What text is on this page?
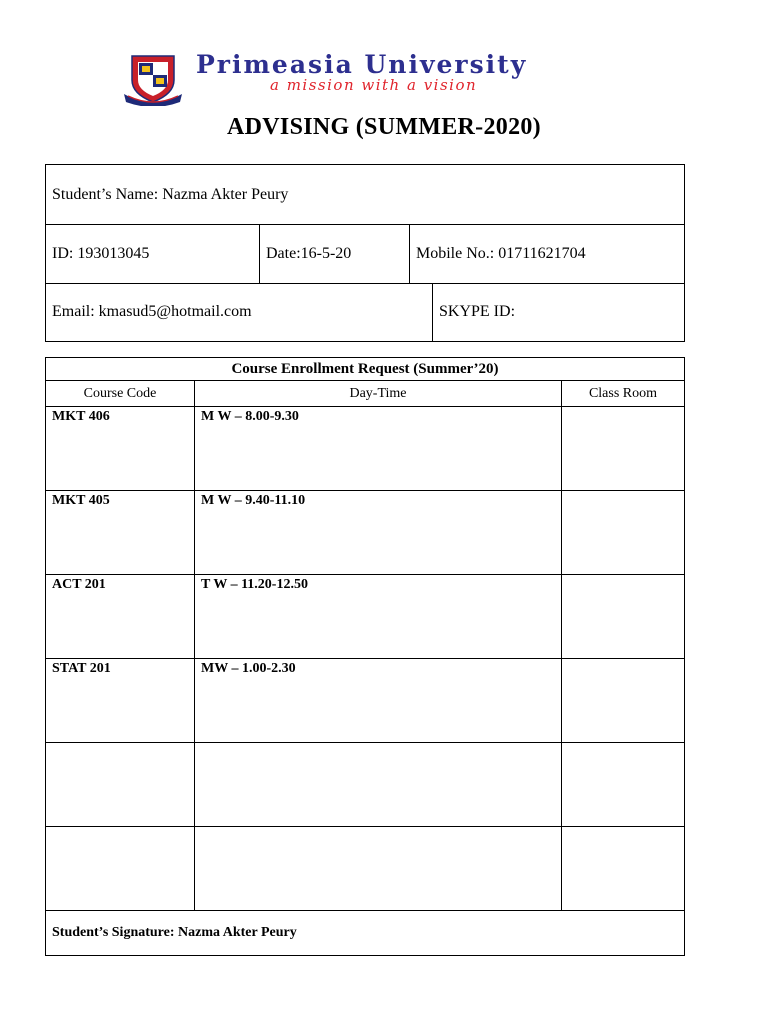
Primeasia University
a mission with a vision
ADVISING (SUMMER-2020)
Student’s Name: Nazma Akter Peury
ID: 193013045	Date:16-5-20	Mobile No.: 01711621704
Email: kmasud5@hotmail.com	SKYPE ID:
Course Enrollment Request (Summer’20)
Course Code	Day-Time	Class Room
MKT 406	M W – 8.00-9.30
MKT 405	M W – 9.40-11.10
ACT 201	T W – 11.20-12.50
STAT 201	MW – 1.00-2.30
Student’s Signature: Nazma Akter Peury
